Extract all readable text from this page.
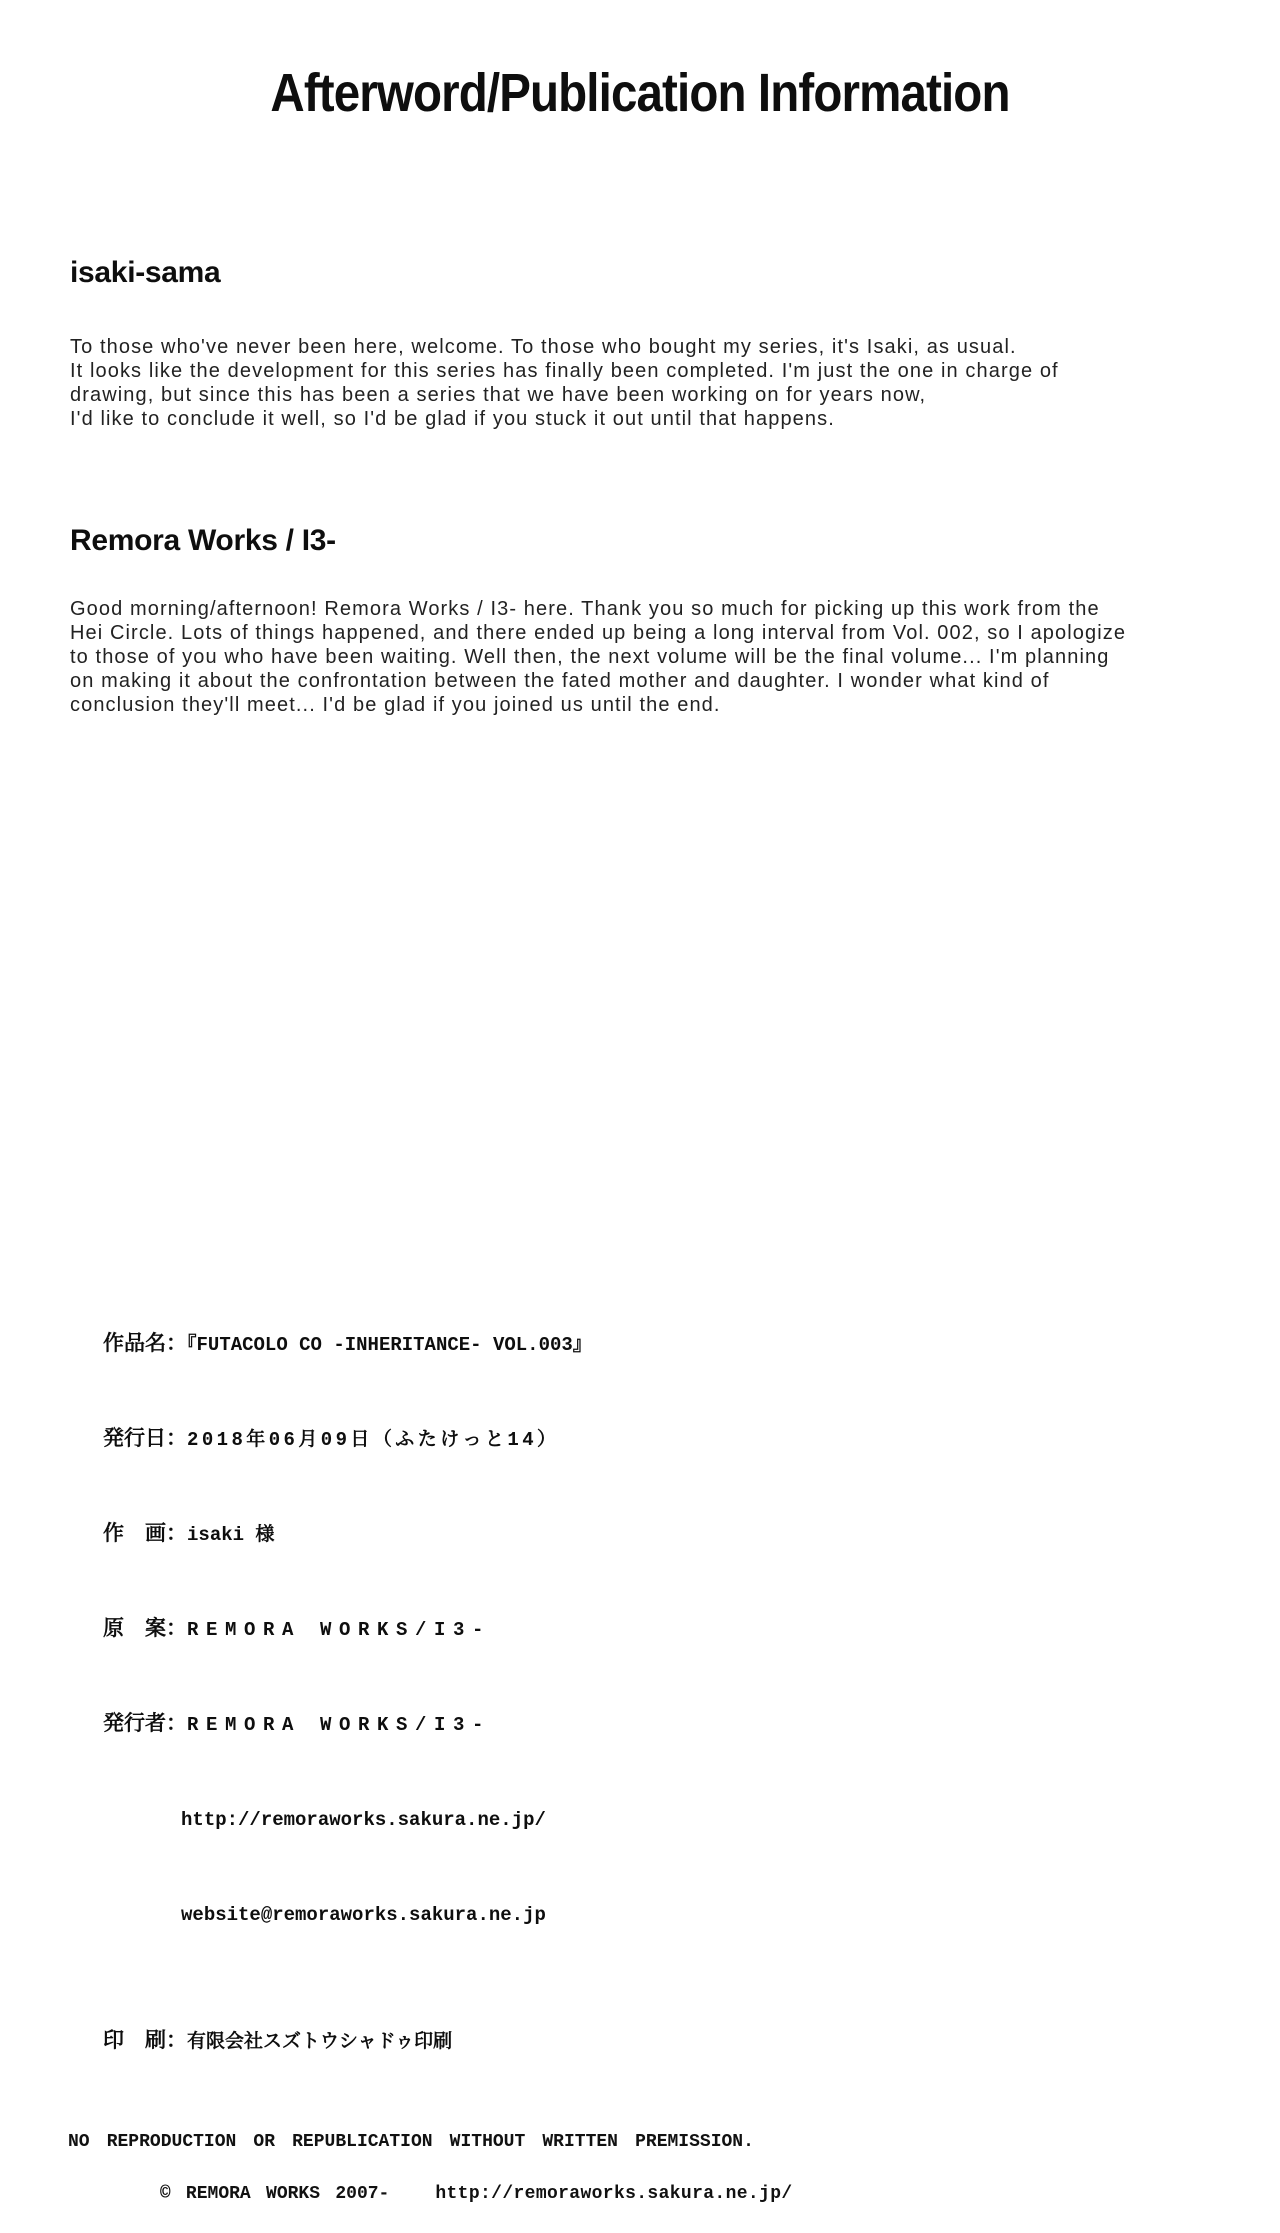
Afterword/Publication Information
isaki-sama
To those who've never been here, welcome. To those who bought my series, it's Isaki, as usual.
It looks like the development for this series has finally been completed. I'm just the one in charge of
drawing, but since this has been a series that we have been working on for years now,
I'd like to conclude it well, so I'd be glad if you stuck it out until that happens.
Remora Works / I3-
Good morning/afternoon! Remora Works / I3- here. Thank you so much for picking up this work from the
Hei Circle. Lots of things happened, and there ended up being a long interval from Vol. 002, so I apologize
to those of you who have been waiting. Well then, the next volume will be the final volume... I'm planning
on making it about the confrontation between the fated mother and daughter. I wonder what kind of
conclusion they'll meet... I'd be glad if you joined us until the end.

作品名：『FUTACOLO CO -INHERITANCE- VOL.003』

発行日：2018年06月09日（ふたけっと14）

作　画：isaki 様

原　案：REMORA WORKS/I3-

発行者：REMORA WORKS/I3-

http://remoraworks.sakura.ne.jp/

website@remoraworks.sakura.ne.jp

印　刷：有限会社スズトウシャドゥ印刷

NO REPRODUCTION OR REPUBLICATION WITHOUT WRITTEN PREMISSION.

© REMORA WORKS 2007-	http://remoraworks.sakura.ne.jp/
